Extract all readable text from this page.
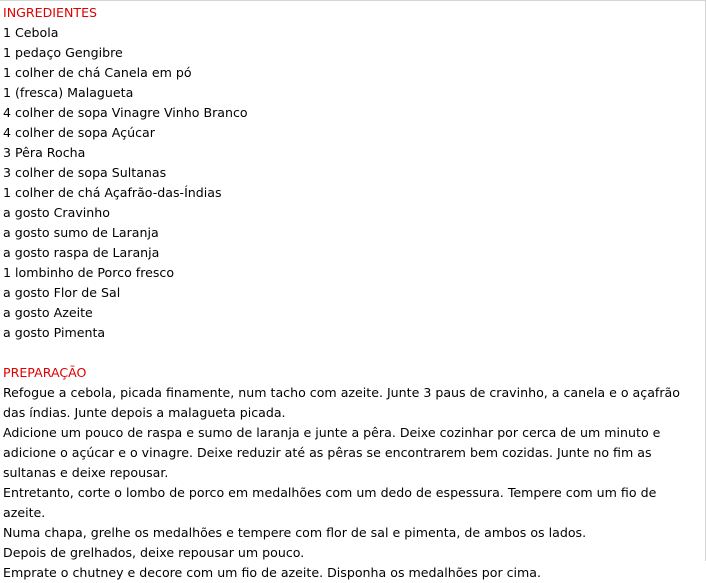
INGREDIENTES
1 Cebola
1 pedaço Gengibre
1 colher de chá Canela em pó
1 (fresca) Malagueta
4 colher de sopa Vinagre Vinho Branco
4 colher de sopa Açúcar
3 Pêra Rocha
3 colher de sopa Sultanas
1 colher de chá Açafrão-das-Índias
a gosto Cravinho
a gosto sumo de Laranja
a gosto raspa de Laranja
1 lombinho de Porco fresco
a gosto Flor de Sal
a gosto Azeite
a gosto Pimenta
PREPARAÇÃO
Refogue a cebola, picada finamente, num tacho com azeite. Junte 3 paus de cravinho, a canela e o açafrão das índias. Junte depois a malagueta picada.
Adicione um pouco de raspa e sumo de laranja e junte a pêra. Deixe cozinhar por cerca de um minuto e adicione o açúcar e o vinagre. Deixe reduzir até as pêras se encontrarem bem cozidas. Junte no fim as sultanas e deixe repousar.
Entretanto, corte o lombo de porco em medalhões com um dedo de espessura. Tempere com um fio de azeite.
Numa chapa, grelhe os medalhões e tempere com flor de sal e pimenta, de ambos os lados.
Depois de grelhados, deixe repousar um pouco.
Emprate o chutney e decore com um fio de azeite. Disponha os medalhões por cima.
